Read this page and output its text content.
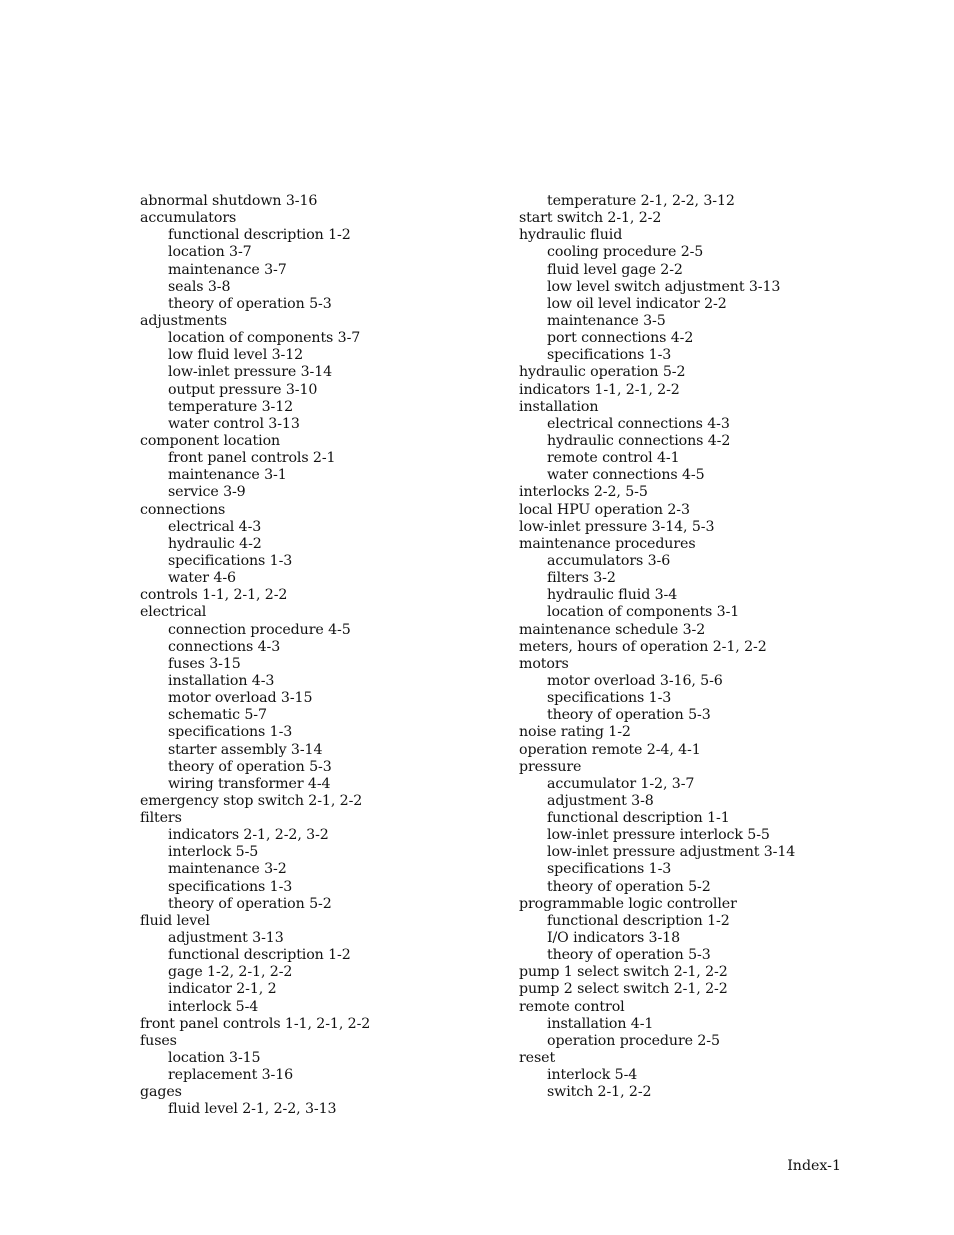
abnormal shutdown 3-16
accumulators
functional description 1-2
location 3-7
maintenance 3-7
seals 3-8
theory of operation 5-3
adjustments
location of components 3-7
low fluid level 3-12
low-inlet pressure 3-14
output pressure 3-10
temperature 3-12
water control 3-13
component location
front panel controls 2-1
maintenance 3-1
service 3-9
connections
electrical 4-3
hydraulic 4-2
specifications 1-3
water 4-6
controls 1-1, 2-1, 2-2
electrical
connection procedure 4-5
connections 4-3
fuses 3-15
installation 4-3
motor overload 3-15
schematic 5-7
specifications 1-3
starter assembly 3-14
theory of operation 5-3
wiring transformer 4-4
emergency stop switch 2-1, 2-2
filters
indicators 2-1, 2-2, 3-2
interlock 5-5
maintenance 3-2
specifications 1-3
theory of operation 5-2
fluid level
adjustment 3-13
functional description 1-2
gage 1-2, 2-1, 2-2
indicator 2-1, 2
interlock 5-4
front panel controls 1-1, 2-1, 2-2
fuses
location 3-15
replacement 3-16
gages
fluid level 2-1, 2-2, 3-13
temperature 2-1, 2-2, 3-12
start switch 2-1, 2-2
hydraulic fluid
cooling procedure 2-5
fluid level gage 2-2
low level switch adjustment 3-13
low oil level indicator 2-2
maintenance 3-5
port connections 4-2
specifications 1-3
hydraulic operation 5-2
indicators 1-1, 2-1, 2-2
installation
electrical connections 4-3
hydraulic connections 4-2
remote control 4-1
water connections 4-5
interlocks 2-2, 5-5
local HPU operation 2-3
low-inlet pressure 3-14, 5-3
maintenance procedures
accumulators 3-6
filters 3-2
hydraulic fluid 3-4
location of components 3-1
maintenance schedule 3-2
meters, hours of operation 2-1, 2-2
motors
motor overload 3-16, 5-6
specifications 1-3
theory of operation 5-3
noise rating 1-2
operation remote 2-4, 4-1
pressure
accumulator 1-2, 3-7
adjustment 3-8
functional description 1-1
low-inlet pressure interlock 5-5
low-inlet pressure adjustment 3-14
specifications 1-3
theory of operation 5-2
programmable logic controller
functional description 1-2
I/O indicators 3-18
theory of operation 5-3
pump 1 select switch 2-1, 2-2
pump 2 select switch 2-1, 2-2
remote control
installation 4-1
operation procedure 2-5
reset
interlock 5-4
switch 2-1, 2-2
Index-1
